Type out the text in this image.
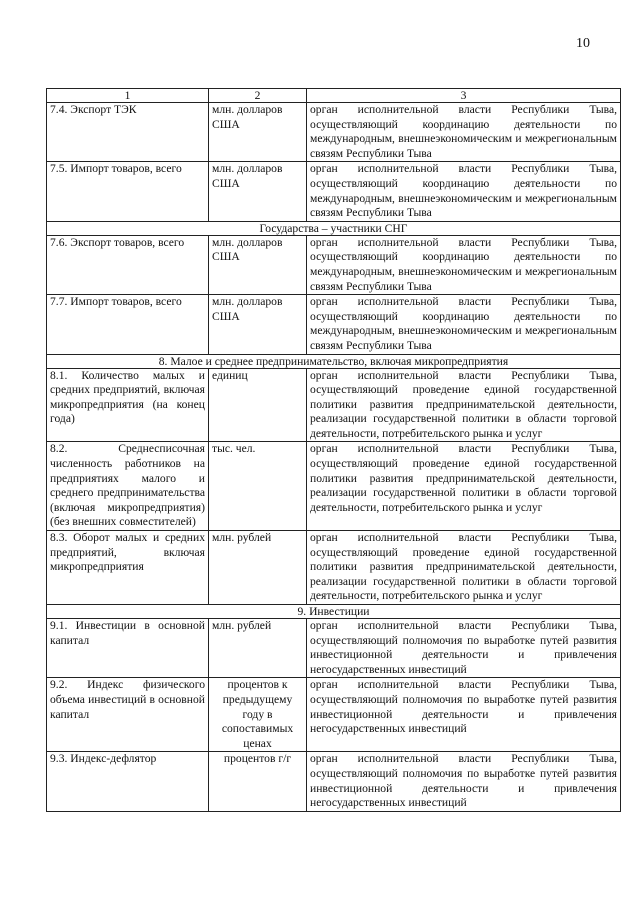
10
1	2	3
7.4. Экспорт ТЭК	млн. долларов США	орган исполнительной власти Республики Тыва, осуществляющий координацию деятельности по международным, внешнеэкономическим и межрегиональным связям Республики Тыва
7.5. Импорт товаров, всего	млн. долларов США	орган исполнительной власти Республики Тыва, осуществляющий координацию деятельности по международным, внешнеэкономическим и межрегиональным связям Республики Тыва
Государства – участники СНГ		
7.6. Экспорт товаров, всего	млн. долларов США	орган исполнительной власти Республики Тыва, осуществляющий координацию деятельности по международным, внешнеэкономическим и межрегиональным связям Республики Тыва
7.7. Импорт товаров, всего	млн. долларов США	орган исполнительной власти Республики Тыва, осуществляющий координацию деятельности по международным, внешнеэкономическим и межрегиональным связям Республики Тыва
8. Малое и среднее предпринимательство, включая микропредприятия		
8.1. Количество малых и средних предприятий, включая микропредприятия (на конец года)	единиц	орган исполнительной власти Республики Тыва, осуществляющий проведение единой государственной политики развития предпринимательской деятельности, реализации государственной политики в области торговой деятельности, потребительского рынка и услуг
8.2. Среднесписочная численность работников на предприятиях малого и среднего предпринимательства (включая микропредприятия) (без внешних совместителей)	тыс. чел.	орган исполнительной власти Республики Тыва, осуществляющий проведение единой государственной политики развития предпринимательской деятельности, реализации государственной политики в области торговой деятельности, потребительского рынка и услуг
8.3. Оборот малых и средних предприятий, включая микропредприятия	млн. рублей	орган исполнительной власти Республики Тыва, осуществляющий проведение единой государственной политики развития предпринимательской деятельности, реализации государственной политики в области торговой деятельности, потребительского рынка и услуг
9. Инвестиции		
9.1. Инвестиции в основной капитал	млн. рублей	орган исполнительной власти Республики Тыва, осуществляющий полномочия по выработке путей развития инвестиционной деятельности и привлечения негосударственных инвестиций
9.2. Индекс физического объема инвестиций в основной капитал	процентов к предыдущему году в сопоставимых ценах	орган исполнительной власти Республики Тыва, осуществляющий полномочия по выработке путей развития инвестиционной деятельности и привлечения негосударственных инвестиций
9.3. Индекс-дефлятор	процентов г/г	орган исполнительной власти Республики Тыва, осуществляющий полномочия по выработке путей развития инвестиционной деятельности и привлечения негосударственных инвестиций
